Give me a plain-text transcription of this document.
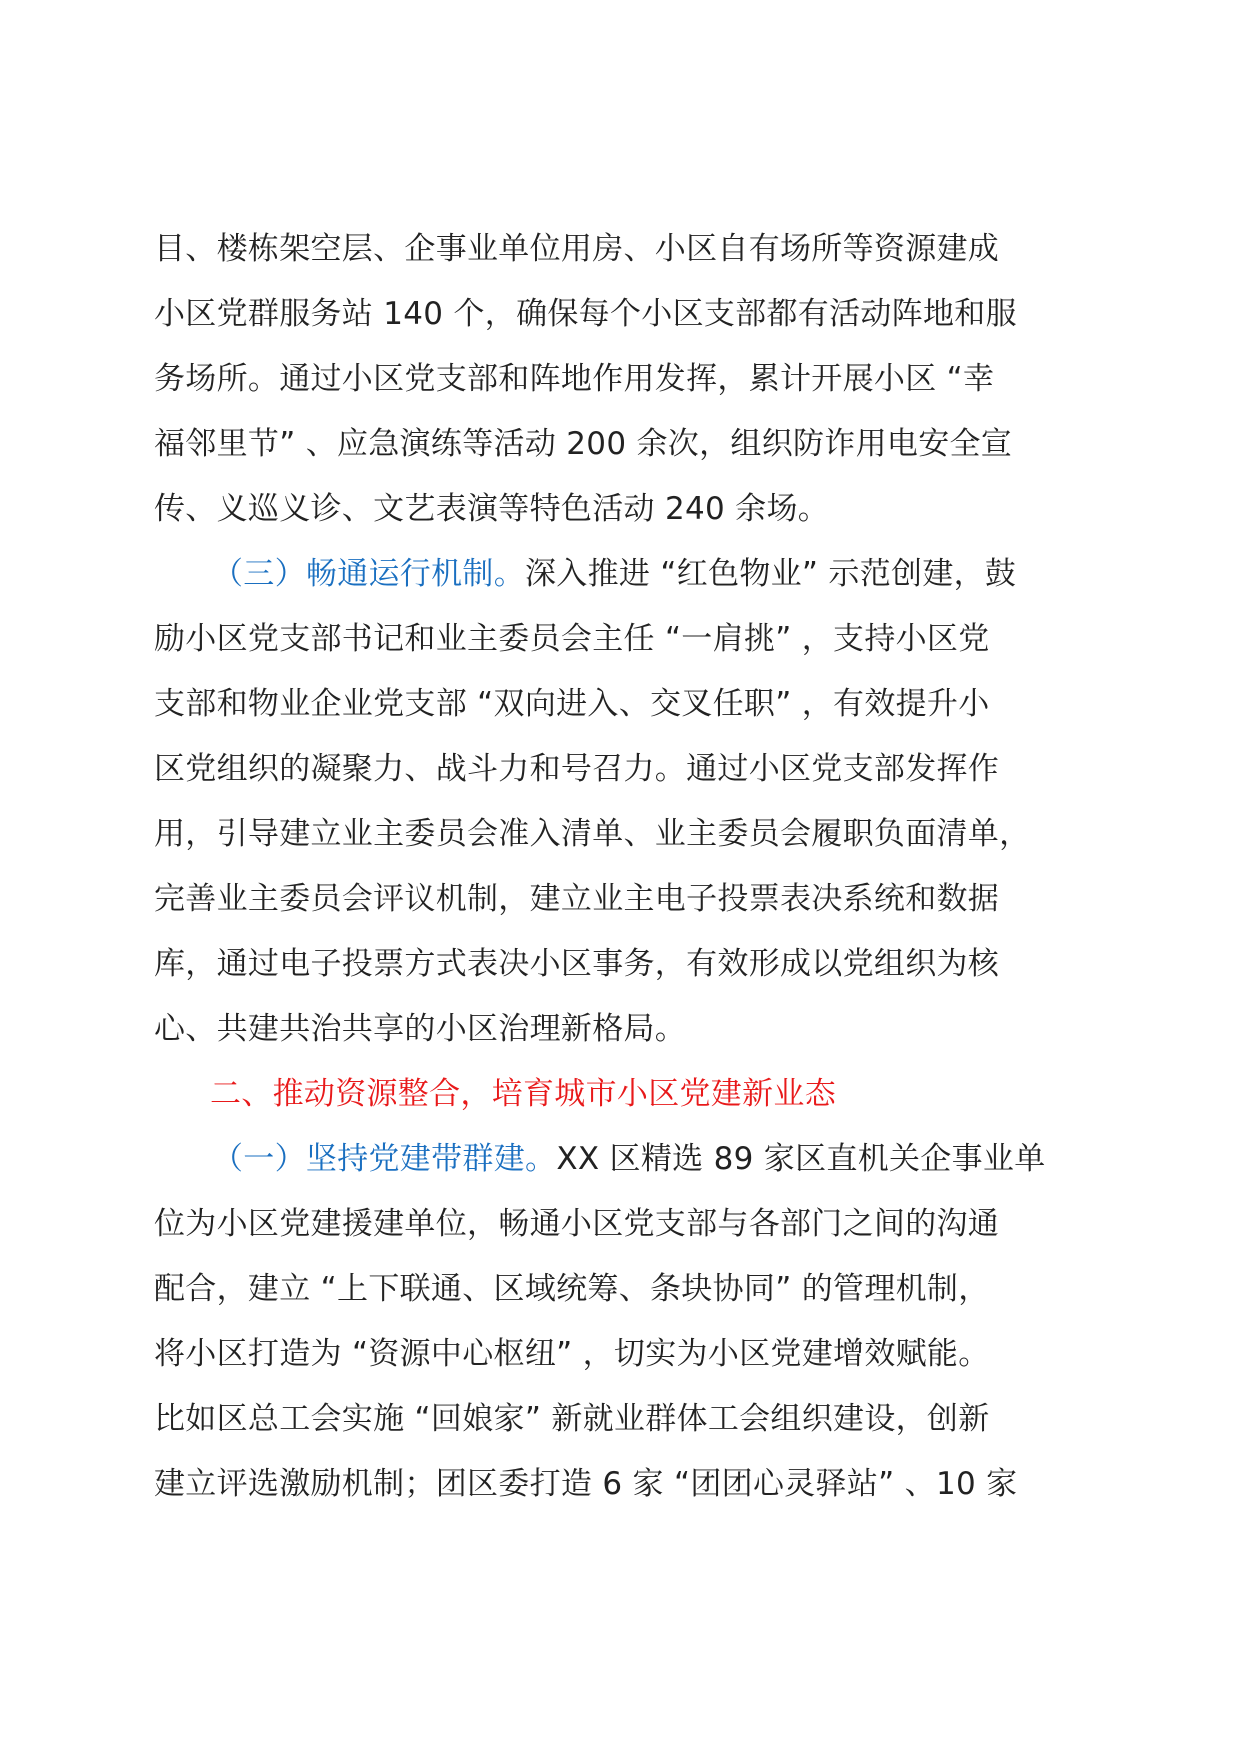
目、楼栋架空层、企事业单位用房、小区自有场所等资源建成
小区党群服务站 140 个，确保每个小区支部都有活动阵地和服
务场所。通过小区党支部和阵地作用发挥，累计开展小区 “幸
福邻里节” 、应急演练等活动 200 余次，组织防诈用电安全宣
传、义巡义诊、文艺表演等特色活动 240 余场。
（三）畅通运行机制。深入推进 “红色物业” 示范创建，鼓
励小区党支部书记和业主委员会主任 “一肩挑” ，支持小区党
支部和物业企业党支部 “双向进入、交叉任职” ，有效提升小
区党组织的凝聚力、战斗力和号召力。通过小区党支部发挥作
用，引导建立业主委员会准入清单、业主委员会履职负面清单，
完善业主委员会评议机制，建立业主电子投票表决系统和数据
库，通过电子投票方式表决小区事务，有效形成以党组织为核
心、共建共治共享的小区治理新格局。
二、推动资源整合，培育城市小区党建新业态
（一）坚持党建带群建。XX 区精选 89 家区直机关企事业单
位为小区党建援建单位，畅通小区党支部与各部门之间的沟通
配合，建立 “上下联通、区域统筹、条块协同” 的管理机制，
将小区打造为 “资源中心枢纽” ，切实为小区党建增效赋能。
比如区总工会实施 “回娘家” 新就业群体工会组织建设，创新
建立评选激励机制；团区委打造 6 家 “团团心灵驿站” 、10 家
